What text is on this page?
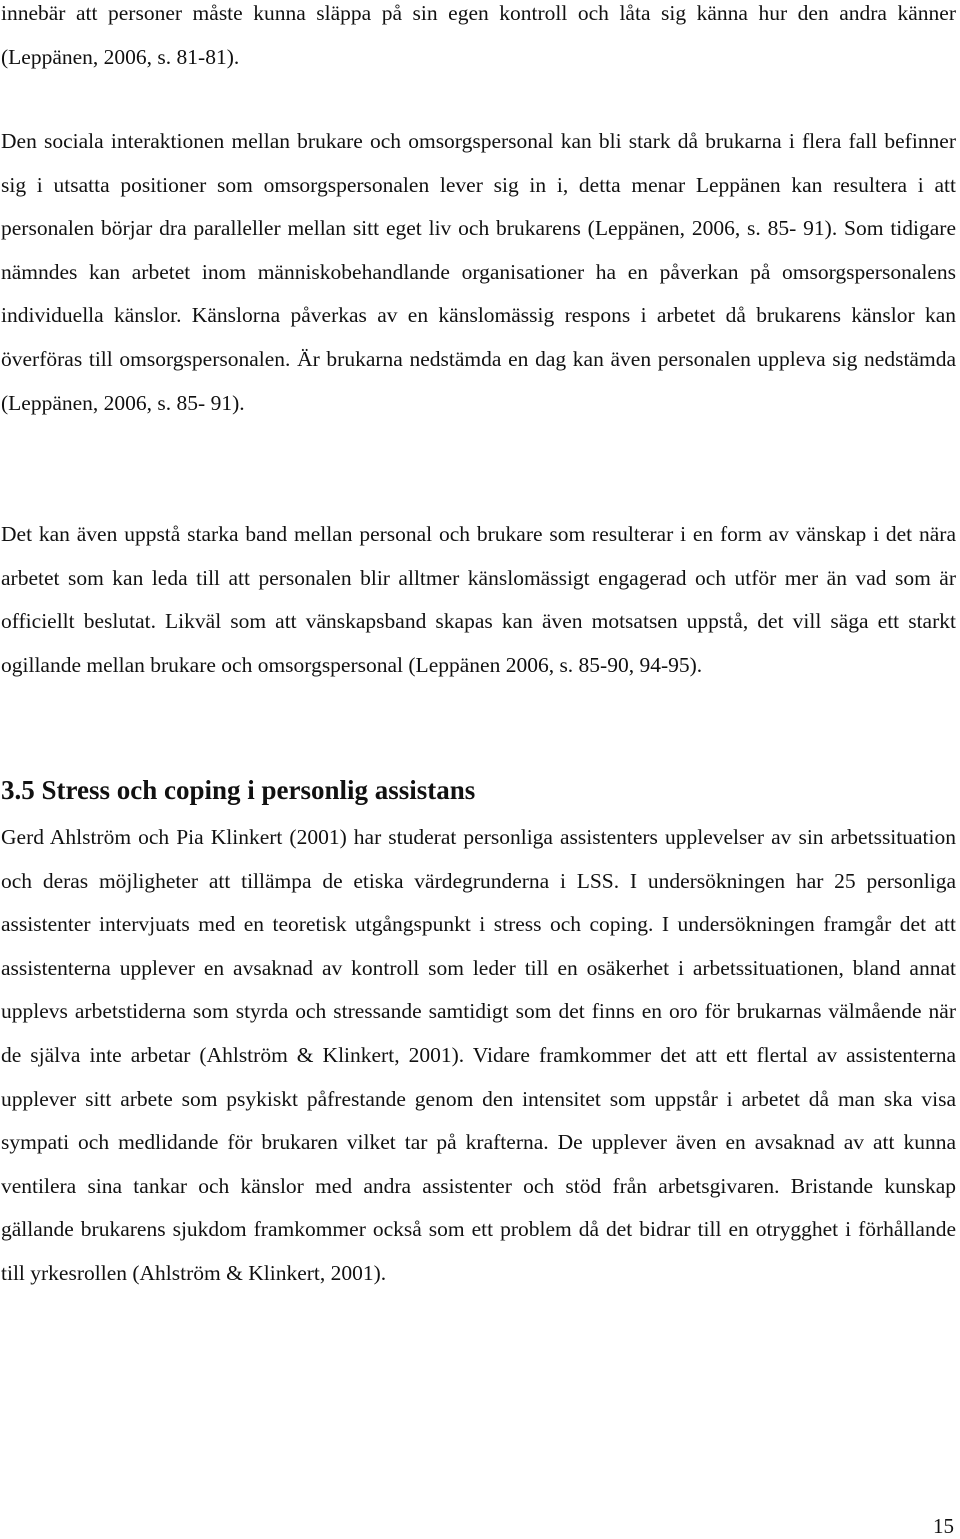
innebär att personer måste kunna släppa på sin egen kontroll och låta sig känna hur den andra känner (Leppänen, 2006, s. 81-81).

Den sociala interaktionen mellan brukare och omsorgspersonal kan bli stark då brukarna i flera fall befinner sig i utsatta positioner som omsorgspersonalen lever sig in i, detta menar Leppänen kan resultera i att personalen börjar dra paralleller mellan sitt eget liv och brukarens (Leppänen, 2006, s. 85- 91). Som tidigare nämndes kan arbetet inom människobehandlande organisationer ha en påverkan på omsorgspersonalens individuella känslor. Känslorna påverkas av en känslomässig respons i arbetet då brukarens känslor kan överföras till omsorgspersonalen. Är brukarna nedstämda en dag kan även personalen uppleva sig nedstämda (Leppänen, 2006, s. 85- 91).

Det kan även uppstå starka band mellan personal och brukare som resulterar i en form av vänskap i det nära arbetet som kan leda till att personalen blir alltmer känslomässigt engagerad och utför mer än vad som är officiellt beslutat. Likväl som att vänskapsband skapas kan även motsatsen uppstå, det vill säga ett starkt ogillande mellan brukare och omsorgspersonal (Leppänen 2006, s. 85-90, 94-95).

3.5 Stress och coping i personlig assistans

Gerd Ahlström och Pia Klinkert (2001) har studerat personliga assistenters upplevelser av sin arbetssituation och deras möjligheter att tillämpa de etiska värdegrunderna i LSS. I undersökningen har 25 personliga assistenter intervjuats med en teoretisk utgångspunkt i stress och coping. I undersökningen framgår det att assistenterna upplever en avsaknad av kontroll som leder till en osäkerhet i arbetssituationen, bland annat upplevs arbetstiderna som styrda och stressande samtidigt som det finns en oro för brukarnas välmående när de själva inte arbetar (Ahlström & Klinkert, 2001). Vidare framkommer det att ett flertal av assistenterna upplever sitt arbete som psykiskt påfrestande genom den intensitet som uppstår i arbetet då man ska visa sympati och medlidande för brukaren vilket tar på krafterna. De upplever även en avsaknad av att kunna ventilera sina tankar och känslor med andra assistenter och stöd från arbetsgivaren. Bristande kunskap gällande brukarens sjukdom framkommer också som ett problem då det bidrar till en otrygghet i förhållande till yrkesrollen (Ahlström & Klinkert, 2001).

15
